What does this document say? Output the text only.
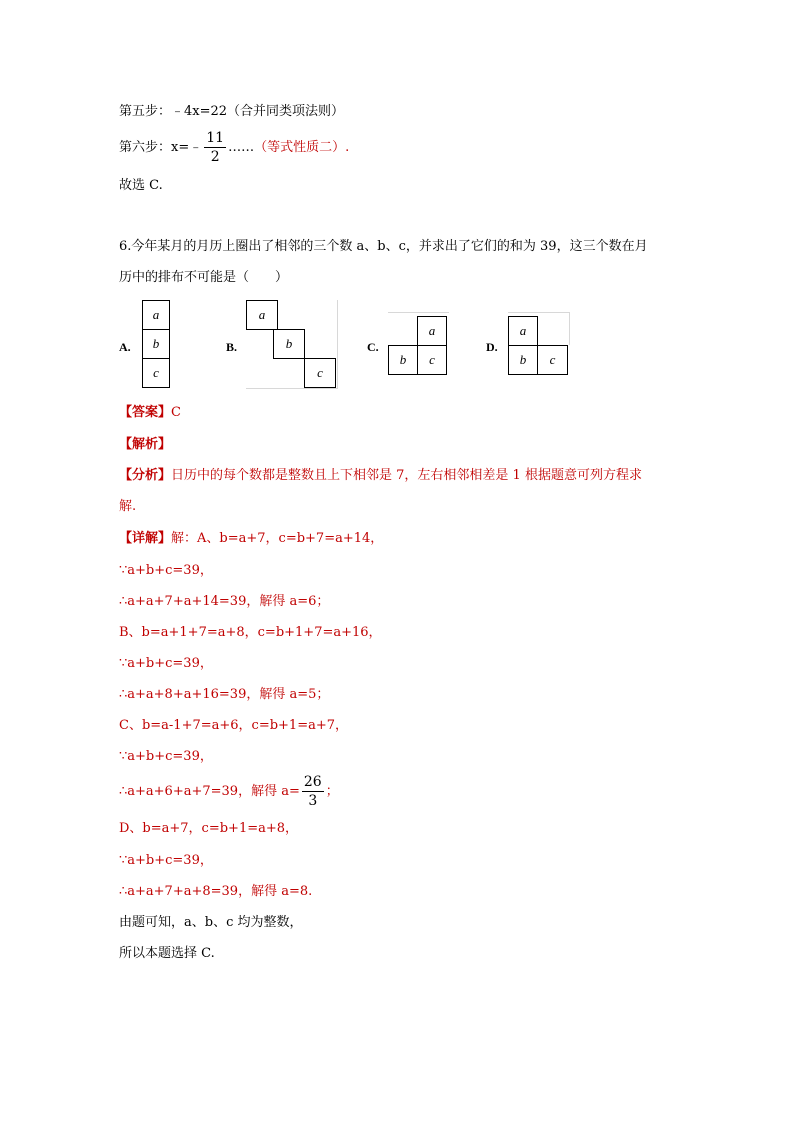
第五步：﹣4x=22（合并同类项法则）
第六步：x=﹣ $\frac{11}{2}$ ……（等式性质二）.
故选 C.
6.今年某月的月历上圈出了相邻的三个数 a、b、c，并求出了它们的和为 39，这三个数在月
历中的排布不可能是（　　）
A.
a
b
c
B.
a
b
c
C.
a
b	c
D.
a
b	c
【答案】C
【解析】
【分析】日历中的每个数都是整数且上下相邻是 7，左右相邻相差是 1 根据题意可列方程求
解.
【详解】解：A、b=a+7，c=b+7=a+14，
∵a+b+c=39，
∴a+a+7+a+14=39，解得 a=6；
B、b=a+1+7=a+8，c=b+1+7=a+16，
∵a+b+c=39，
∴a+a+8+a+16=39，解得 a=5；
C、b=a-1+7=a+6，c=b+1=a+7，
∵a+b+c=39，
∴a+a+6+a+7=39，解得 $a= \frac{26}{3}$ ；
D、b=a+7，c=b+1=a+8，
∵a+b+c=39，
∴a+a+7+a+8=39，解得 a=8.
由题可知，a、b、c 均为整数，
所以本题选择 C.
